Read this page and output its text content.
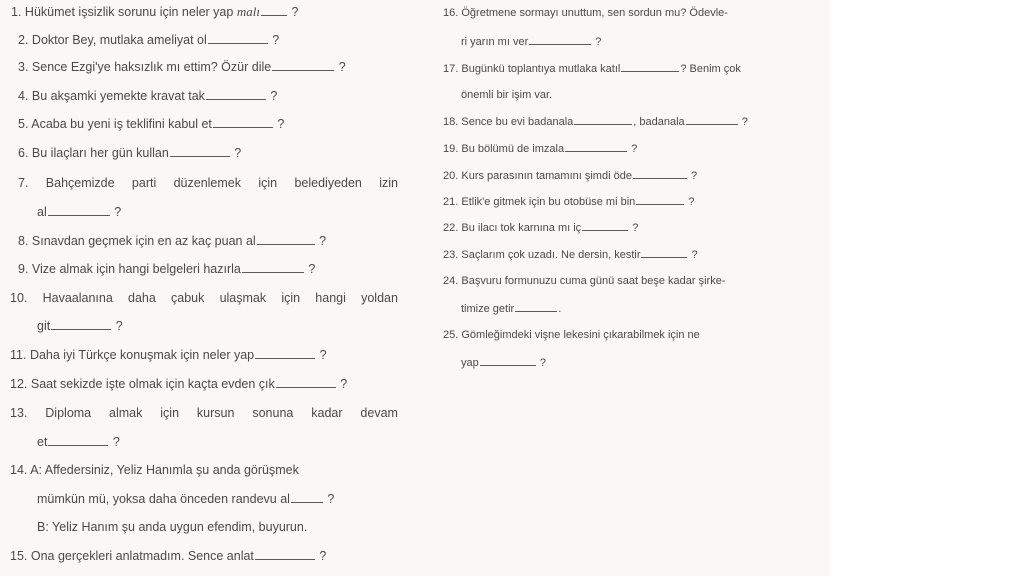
1. Hükümet işsizlik sorunu için neler yap malı	?
2. Doktor Bey, mutlaka ameliyat ol	?
3. Sence Ezgi'ye haksızlık mı ettim? Özür dile	?
4. Bu akşamki yemekte kravat tak	?
5. Acaba bu yeni iş teklifini kabul et	?
6. Bu ilaçları her gün kullan	?
7. Bahçemizde parti düzenlemek için belediyeden izin
al	?
8. Sınavdan geçmek için en az kaç puan al	?
9. Vize almak için hangi belgeleri hazırla	?
10. Havaalanına daha çabuk ulaşmak için hangi yoldan
git	?
11. Daha iyi Türkçe konuşmak için neler yap	?
12. Saat sekizde işte olmak için kaçta evden çık	?
13. Diploma almak için kursun sonuna kadar devam
et	?
14. A: Affedersiniz, Yeliz Hanımla şu anda görüşmek
mümkün mü, yoksa daha önceden randevu al	?
B: Yeliz Hanım şu anda uygun efendim, buyurun.
15. Ona gerçekleri anlatmadım. Sence anlat	?
16. Öğretmene sormayı unuttum, sen sordun mu? Ödevle-
ri yarın mı ver	?
17. Bugünkü toplantıya mutlaka katıl	? Benim çok
önemli bir işim var.
18. Sence bu evi badanala	, badanala	?
19. Bu bölümü de imzala	?
20. Kurs parasının tamamını şimdi öde	?
21. Etlik'e gitmek için bu otobüse mi bin	?
22. Bu ilacı tok karnına mı iç	?
23. Saçlarım çok uzadı. Ne dersin, kestir	?
24. Başvuru formunuzu cuma günü saat beşe kadar şirke-
timize getir	.
25. Gömleğimdeki vişne lekesini çıkarabilmek için ne
yap	?
